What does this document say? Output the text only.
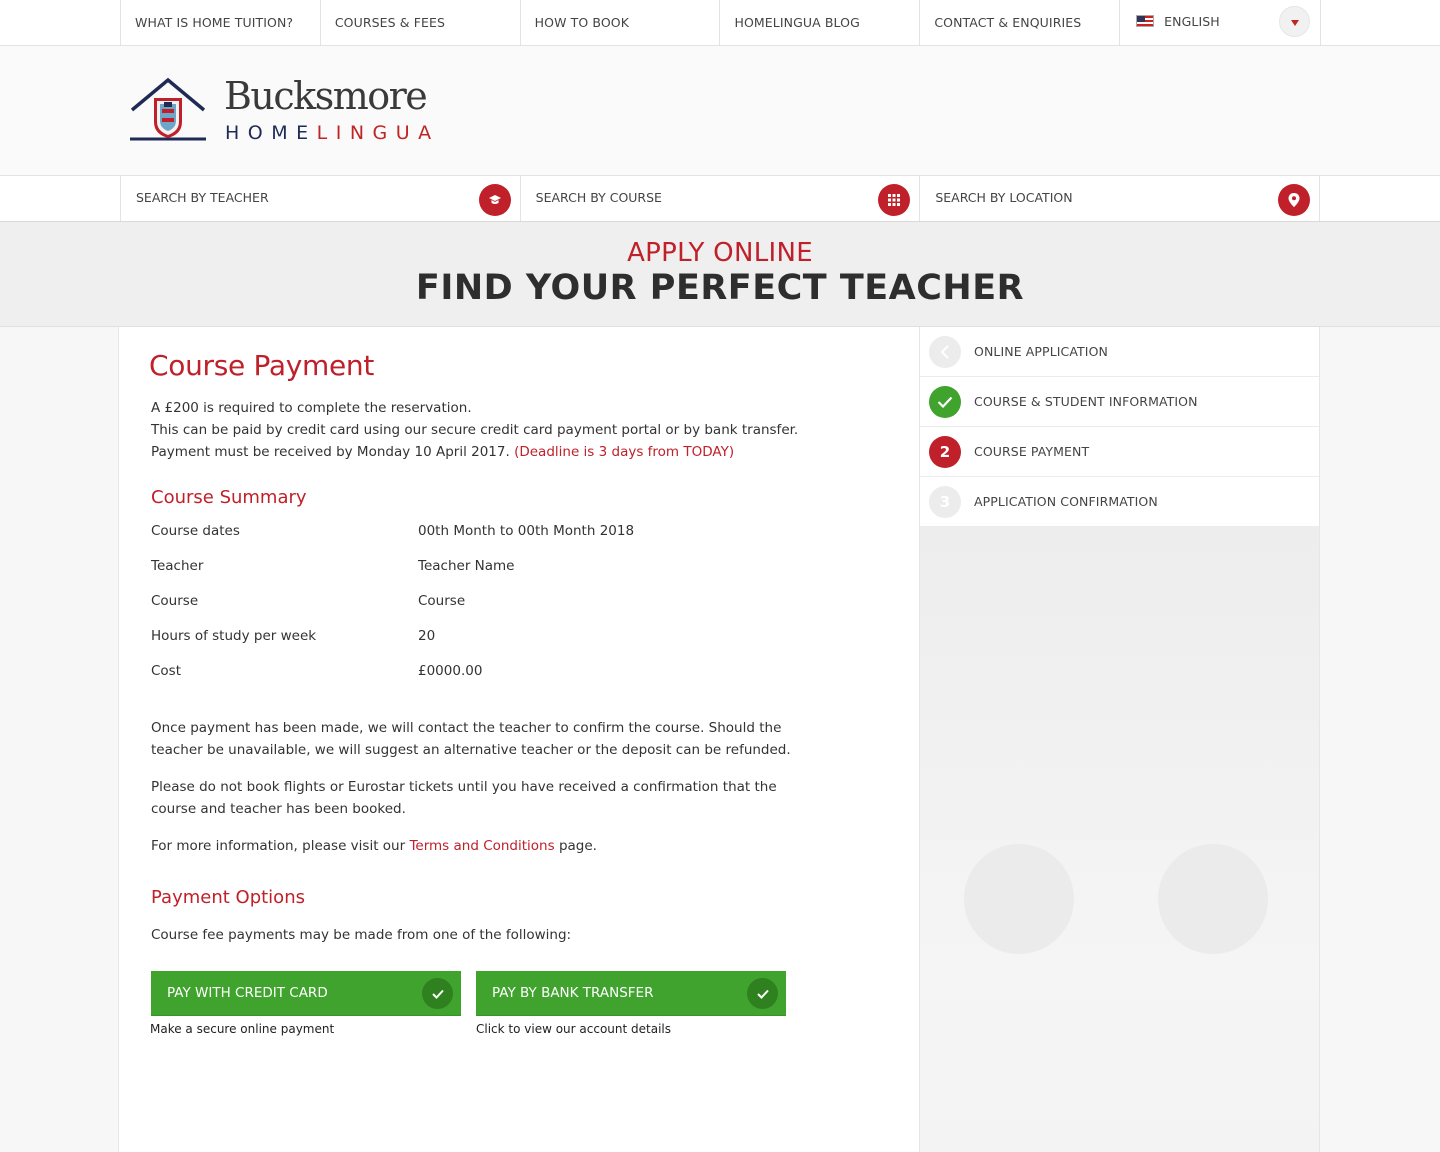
WHAT IS HOME TUITION?	COURSES & FEES	HOW TO BOOK	HOMELINGUA BLOG	CONTACT & ENQUIRIES	ENGLISH
Bucksmore
HOMELINGUA
SEARCH BY TEACHER	SEARCH BY COURSE	SEARCH BY LOCATION
APPLY ONLINE
FIND YOUR PERFECT TEACHER
Course Payment
A £200 is required to complete the reservation.
This can be paid by credit card using our secure credit card payment portal or by bank transfer.
Payment must be received by Monday 10 April 2017. (Deadline is 3 days from TODAY)
Course Summary
Course dates	00th Month to 00th Month 2018
Teacher	Teacher Name
Course	Course
Hours of study per week	20
Cost	£0000.00
Once payment has been made, we will contact the teacher to confirm the course. Should the teacher be unavailable, we will suggest an alternative teacher or the deposit can be refunded.
Please do not book flights or Eurostar tickets until you have received a confirmation that the course and teacher has been booked.
For more information, please visit our Terms and Conditions page.
Payment Options
Course fee payments may be made from one of the following:
PAY WITH CREDIT CARD
Make a secure online payment
PAY BY BANK TRANSFER
Click to view our account details
ONLINE APPLICATION
COURSE & STUDENT INFORMATION
2	COURSE PAYMENT
3	APPLICATION CONFIRMATION
